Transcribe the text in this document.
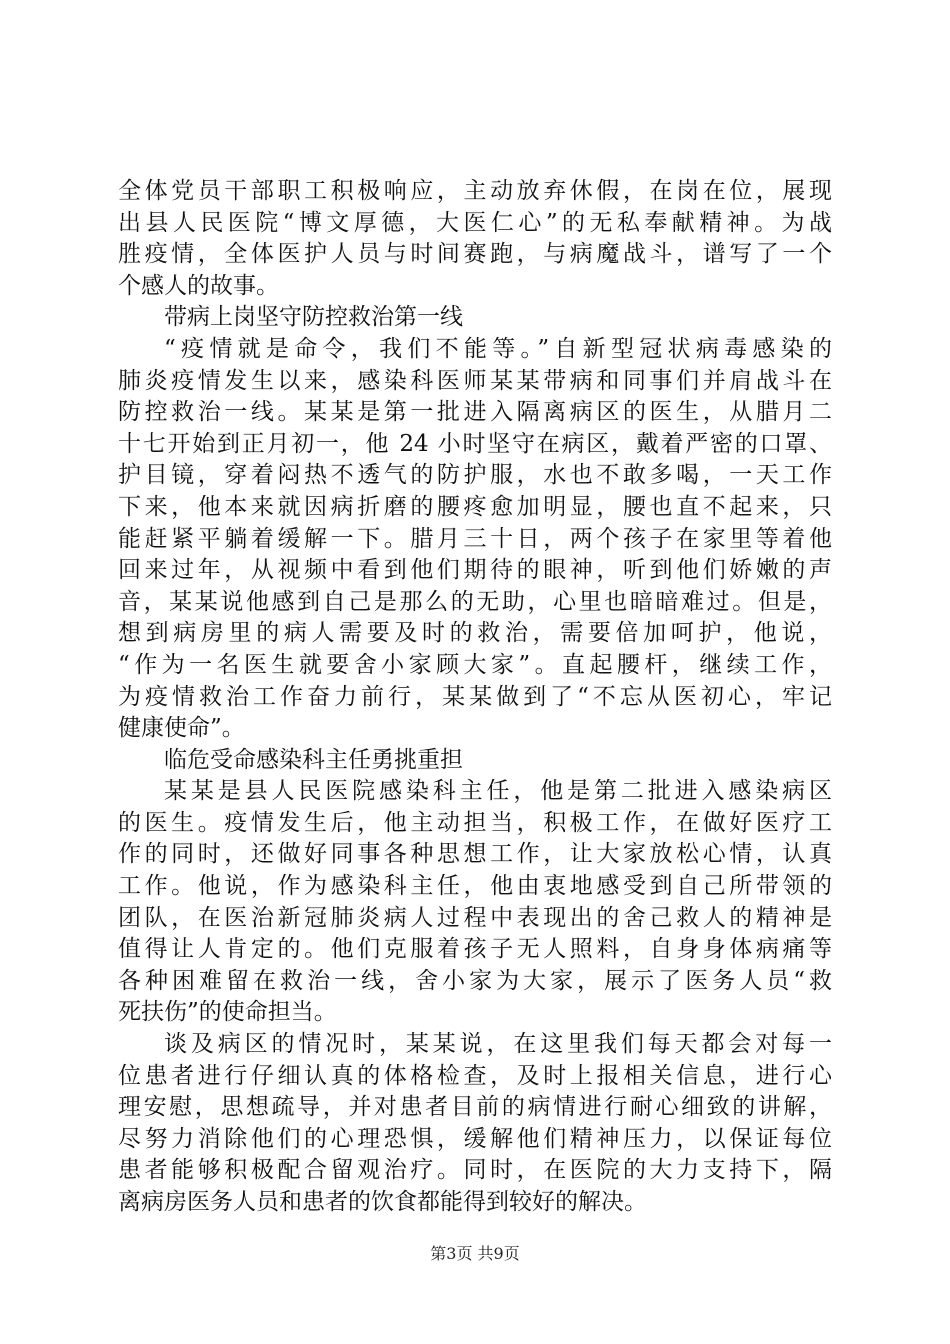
全体党员干部职工积极响应，主动放弃休假，在岗在位，展现
出县人民医院“博文厚德，大医仁心”的无私奉献精神。为战
胜疫情，全体医护人员与时间赛跑，与病魔战斗，谱写了一个
个感人的故事。
带病上岗坚守防控救治第一线
“疫情就是命令，我们不能等。”自新型冠状病毒感染的
肺炎疫情发生以来，感染科医师某某带病和同事们并肩战斗在
防控救治一线。某某是第一批进入隔离病区的医生，从腊月二
十七开始到正月初一，他 24 小时坚守在病区，戴着严密的口罩、
护目镜，穿着闷热不透气的防护服，水也不敢多喝，一天工作
下来，他本来就因病折磨的腰疼愈加明显，腰也直不起来，只
能赶紧平躺着缓解一下。腊月三十日，两个孩子在家里等着他
回来过年，从视频中看到他们期待的眼神，听到他们娇嫩的声
音，某某说他感到自己是那么的无助，心里也暗暗难过。但是，
想到病房里的病人需要及时的救治，需要倍加呵护，他说，
“作为一名医生就要舍小家顾大家”。直起腰杆，继续工作，
为疫情救治工作奋力前行，某某做到了“不忘从医初心，牢记
健康使命”。
临危受命感染科主任勇挑重担
某某是县人民医院感染科主任，他是第二批进入感染病区
的医生。疫情发生后，他主动担当，积极工作，在做好医疗工
作的同时，还做好同事各种思想工作，让大家放松心情，认真
工作。他说，作为感染科主任，他由衷地感受到自己所带领的
团队，在医治新冠肺炎病人过程中表现出的舍己救人的精神是
值得让人肯定的。他们克服着孩子无人照料，自身身体病痛等
各种困难留在救治一线，舍小家为大家，展示了医务人员“救
死扶伤”的使命担当。
谈及病区的情况时，某某说，在这里我们每天都会对每一
位患者进行仔细认真的体格检查，及时上报相关信息，进行心
理安慰，思想疏导，并对患者目前的病情进行耐心细致的讲解，
尽努力消除他们的心理恐惧，缓解他们精神压力，以保证每位
患者能够积极配合留观治疗。同时，在医院的大力支持下，隔
离病房医务人员和患者的饮食都能得到较好的解决。
第3页 共9页
